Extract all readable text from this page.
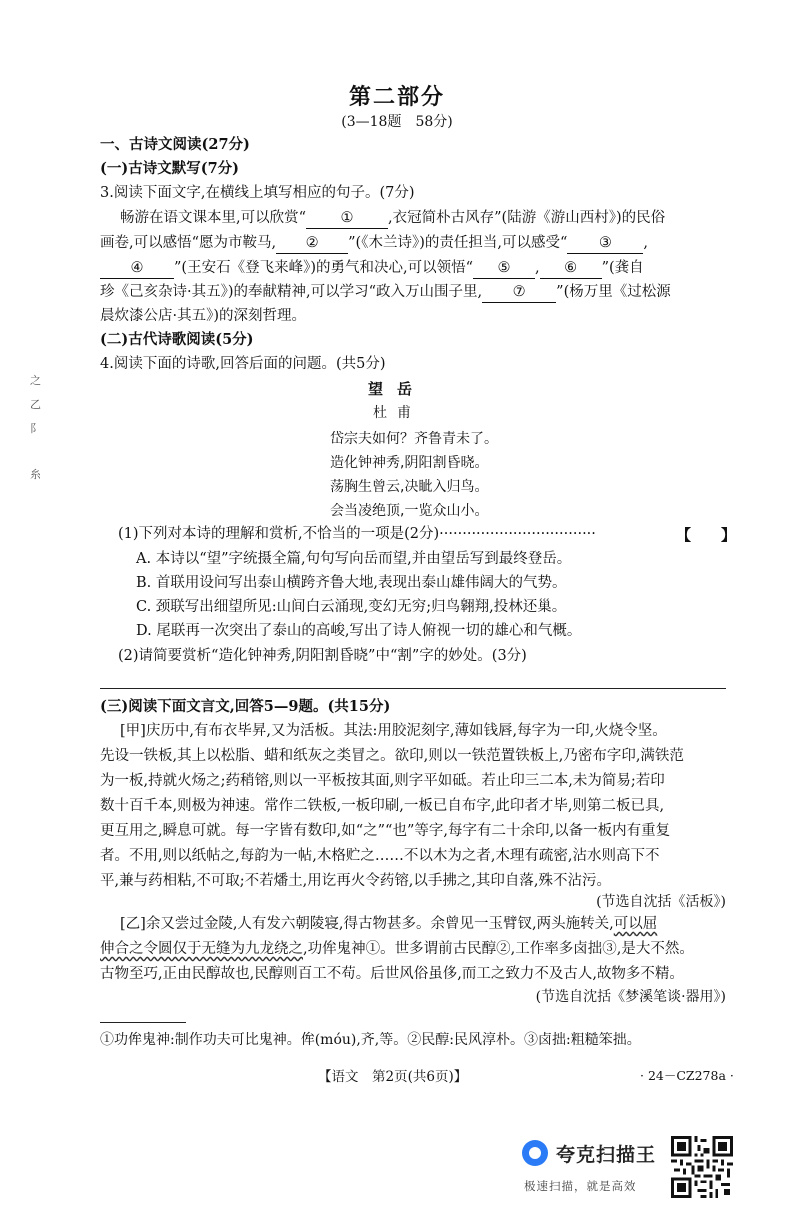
第二部分
(3—18题　58分)
一、古诗文阅读(27分)
(一)古诗文默写(7分)
3.阅读下面文字,在横线上填写相应的句子。(7分)
畅游在语文课本里,可以欣赏“ ① ,衣冠简朴古风存”(陆游《游山西村》)的民俗
画卷,可以感悟“愿为市鞍马, ② ”(《木兰诗》)的责任担当,可以感受“ ③ ,
④ ”(王安石《登飞来峰》)的勇气和决心,可以领悟“ ⑤ , ⑥ ”(龚自
珍《己亥杂诗·其五》)的奉献精神,可以学习“政入万山围子里, ⑦ ”(杨万里《过松源
晨炊漆公店·其五》)的深刻哲理。
(二)古代诗歌阅读(5分)
4.阅读下面的诗歌,回答后面的问题。(共5分)
望岳
杜甫
岱宗夫如何？齐鲁青未了。
造化钟神秀,阴阳割昏晓。
荡胸生曾云,决眦入归鸟。
会当凌绝顶,一览众山小。
(1)下列对本诗的理解和赏析,不恰当的一项是(2分)··································	【　　】
A. 本诗以“望”字统摄全篇,句句写向岳而望,并由望岳写到最终登岳。
B. 首联用设问写出泰山横跨齐鲁大地,表现出泰山雄伟阔大的气势。
C. 颈联写出细望所见:山间白云涌现,变幻无穷;归鸟翱翔,投林还巢。
D. 尾联再一次突出了泰山的高峻,写出了诗人俯视一切的雄心和气概。
(2)请简要赏析“造化钟神秀,阴阳割昏晓”中“割”字的妙处。(3分)
(三)阅读下面文言文,回答5—9题。(共15分)
[甲]庆历中,有布衣毕昇,又为活板。其法:用胶泥刻字,薄如钱唇,每字为一印,火烧令坚。
先设一铁板,其上以松脂、蜡和纸灰之类冒之。欲印,则以一铁范置铁板上,乃密布字印,满铁范
为一板,持就火炀之;药稍镕,则以一平板按其面,则字平如砥。若止印三二本,未为简易;若印
数十百千本,则极为神速。常作二铁板,一板印刷,一板已自布字,此印者才毕,则第二板已具,
更互用之,瞬息可就。每一字皆有数印,如“之”“也”等字,每字有二十余印,以备一板内有重复
者。不用,则以纸帖之,每韵为一帖,木格贮之……不以木为之者,木理有疏密,沾水则高下不
平,兼与药相粘,不可取;不若燔土,用讫再火令药镕,以手拂之,其印自落,殊不沾污。
(节选自沈括《活板》)
[乙]余又尝过金陵,人有发六朝陵寝,得古物甚多。余曾见一玉臂钗,两头施转关,可以屈
伸合之令圆仅于无缝为九龙绕之,功侔鬼神①。世多谓前古民醇②,工作率多卤拙③,是大不然。
古物至巧,正由民醇故也,民醇则百工不苟。后世风俗虽侈,而工之致力不及古人,故物多不精。
(节选自沈括《梦溪笔谈·器用》)
①功侔鬼神:制作功夫可比鬼神。侔(móu),齐,等。②民醇:民风淳朴。③卤拙:粗糙笨拙。
【语文　第2页(共6页)】	· 24－CZ278a ·
之
乙
阝
糸
夸克扫描王
极速扫描，就是高效
